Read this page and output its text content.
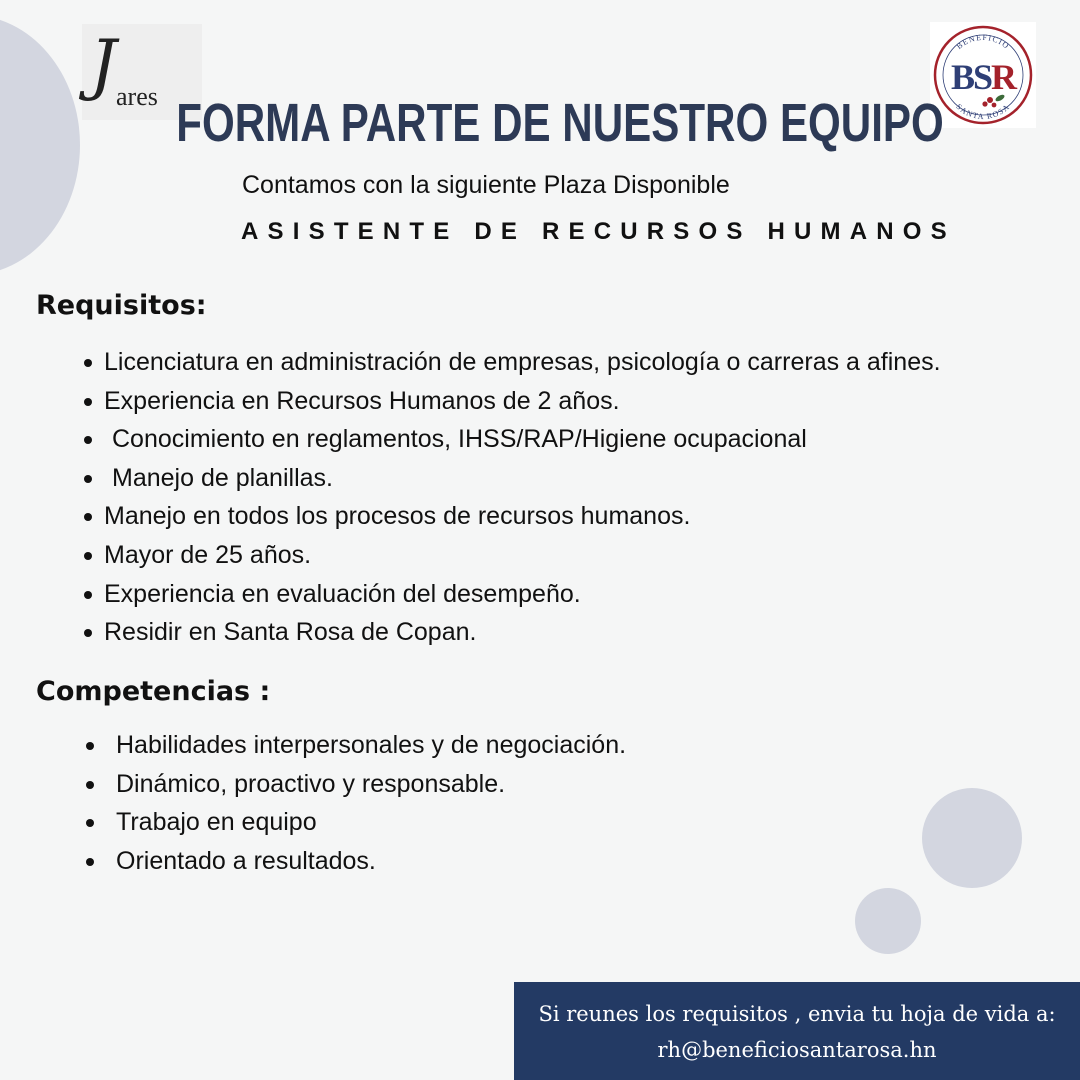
J ares
BENEFICIO
SANTA ROSA
BSR
FORMA PARTE DE NUESTRO EQUIPO
Contamos con la siguiente Plaza Disponible
ASISTENTE DE RECURSOS HUMANOS
Requisitos:
Licenciatura en administración de empresas, psicología o carreras a afines.
Experiencia en Recursos Humanos de 2 años.
Conocimiento en reglamentos, IHSS/RAP/Higiene ocupacional
Manejo de planillas.
Manejo en todos los procesos de recursos humanos.
Mayor de 25 años.
Experiencia en evaluación del desempeño.
Residir en Santa Rosa de Copan.
Competencias :
Habilidades interpersonales y de negociación.
Dinámico, proactivo y responsable.
Trabajo en equipo
Orientado a resultados.
Si reunes los requisitos , envia tu hoja de vida a:
rh@beneficiosantarosa.hn
